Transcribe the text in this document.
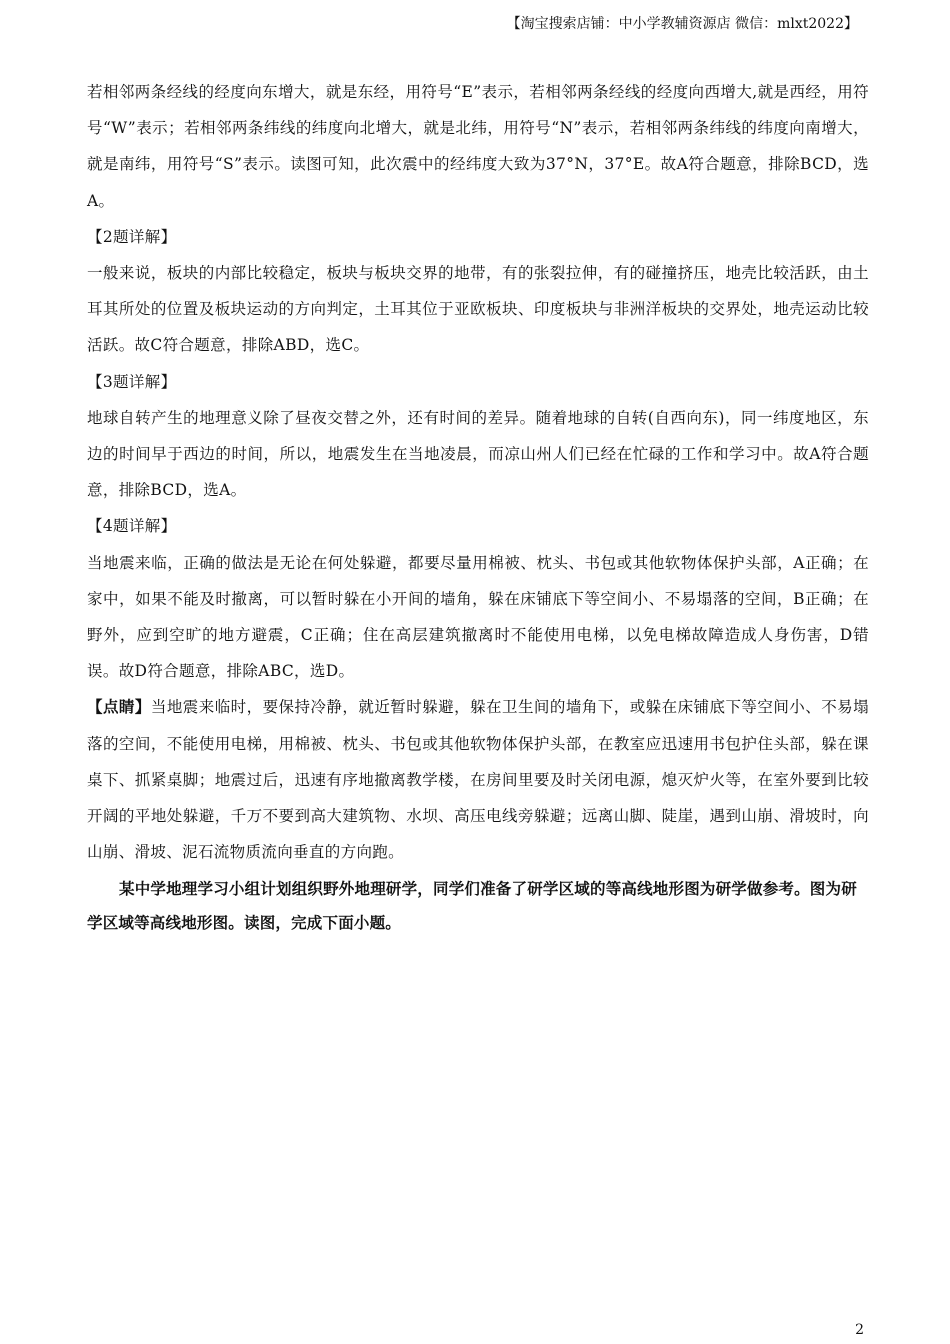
【淘宝搜索店铺：中小学教辅资源店 微信：mlxt2022】

若相邻两条经线的经度向东增大，就是东经，用符号“E”表示，若相邻两条经线的经度向西增大,就是西经，用符号“W”表示；若相邻两条纬线的纬度向北增大，就是北纬，用符号“N”表示，若相邻两条纬线的纬度向南增大，就是南纬，用符号“S”表示。读图可知，此次震中的经纬度大致为37°N，37°E。故A符合题意，排除BCD，选A。

【2题详解】

一般来说，板块的内部比较稳定，板块与板块交界的地带，有的张裂拉伸，有的碰撞挤压，地壳比较活跃，由土耳其所处的位置及板块运动的方向判定，土耳其位于亚欧板块、印度板块与非洲洋板块的交界处，地壳运动比较活跃。故C符合题意，排除ABD，选C。

【3题详解】

地球自转产生的地理意义除了昼夜交替之外，还有时间的差异。随着地球的自转(自西向东)，同一纬度地区，东边的时间早于西边的时间，所以，地震发生在当地凌晨，而凉山州人们已经在忙碌的工作和学习中。故A符合题意，排除BCD，选A。

【4题详解】

当地震来临，正确的做法是无论在何处躲避，都要尽量用棉被、枕头、书包或其他软物体保护头部，A正确；在家中，如果不能及时撤离，可以暂时躲在小开间的墙角，躲在床铺底下等空间小、不易塌落的空间，B正确；在野外，应到空旷的地方避震，C正确；住在高层建筑撤离时不能使用电梯，以免电梯故障造成人身伤害，D错误。故D符合题意，排除ABC，选D。

【点睛】当地震来临时，要保持冷静，就近暂时躲避，躲在卫生间的墙角下，或躲在床铺底下等空间小、不易塌落的空间，不能使用电梯，用棉被、枕头、书包或其他软物体保护头部，在教室应迅速用书包护住头部，躲在课桌下、抓紧桌脚；地震过后，迅速有序地撤离教学楼，在房间里要及时关闭电源，熄灭炉火等，在室外要到比较开阔的平地处躲避，千万不要到高大建筑物、水坝、高压电线旁躲避；远离山脚、陡崖，遇到山崩、滑坡时，向山崩、滑坡、泥石流物质流向垂直的方向跑。

某中学地理学习小组计划组织野外地理研学，同学们准备了研学区域的等高线地形图为研学做参考。图为研学区域等高线地形图。读图，完成下面小题。

2
